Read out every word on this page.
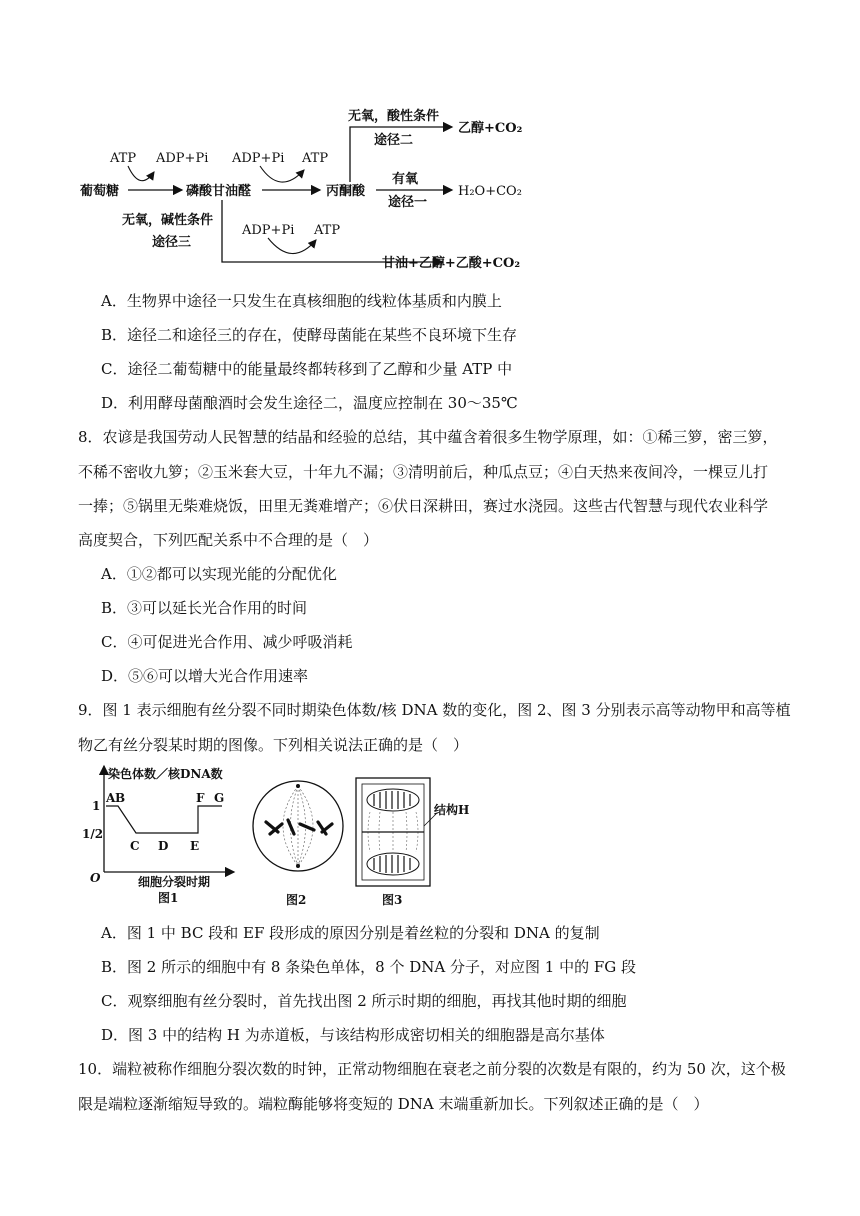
葡萄糖	磷酸甘油醛	丙酮酸
ATP ADP+Pi ADP+Pi ATP
无氧，酸性条件
途径二
乙醇+CO₂
有氧
途径一
H₂O+CO₂
无氧，碱性条件
途径三
ADP+Pi ATP
甘油+乙醇+乙酸+CO₂
A．生物界中途径一只发生在真核细胞的线粒体基质和内膜上
B．途径二和途径三的存在，使酵母菌能在某些不良环境下生存
C．途径二葡萄糖中的能量最终都转移到了乙醇和少量 ATP 中
D．利用酵母菌酿酒时会发生途径二，温度应控制在 30～35℃
8．农谚是我国劳动人民智慧的结晶和经验的总结，其中蕴含着很多生物学原理，如：①稀三箩，密三箩，
不稀不密收九箩；②玉米套大豆，十年九不漏；③清明前后，种瓜点豆；④白天热来夜间冷，一棵豆儿打
一捧；⑤锅里无柴难烧饭，田里无粪难增产；⑥伏日深耕田，赛过水浇园。这些古代智慧与现代农业科学
高度契合，下列匹配关系中不合理的是（　）
A．①②都可以实现光能的分配优化
B．③可以延长光合作用的时间
C．④可促进光合作用、减少呼吸消耗
D．⑤⑥可以增大光合作用速率
9．图 1 表示细胞有丝分裂不同时期染色体数/核 DNA 数的变化，图 2、图 3 分别表示高等动物甲和高等植
物乙有丝分裂某时期的图像。下列相关说法正确的是（　）
染色体数／核DNA数
1
1/2
O
A B
C D E
F G
细胞分裂时期
图1	图2
结构H
图3
A．图 1 中 BC 段和 EF 段形成的原因分别是着丝粒的分裂和 DNA 的复制
B．图 2 所示的细胞中有 8 条染色单体，8 个 DNA 分子，对应图 1 中的 FG 段
C．观察细胞有丝分裂时，首先找出图 2 所示时期的细胞，再找其他时期的细胞
D．图 3 中的结构 H 为赤道板，与该结构形成密切相关的细胞器是高尔基体
10．端粒被称作细胞分裂次数的时钟，正常动物细胞在衰老之前分裂的次数是有限的，约为 50 次，这个极
限是端粒逐渐缩短导致的。端粒酶能够将变短的 DNA 末端重新加长。下列叙述正确的是（　）
